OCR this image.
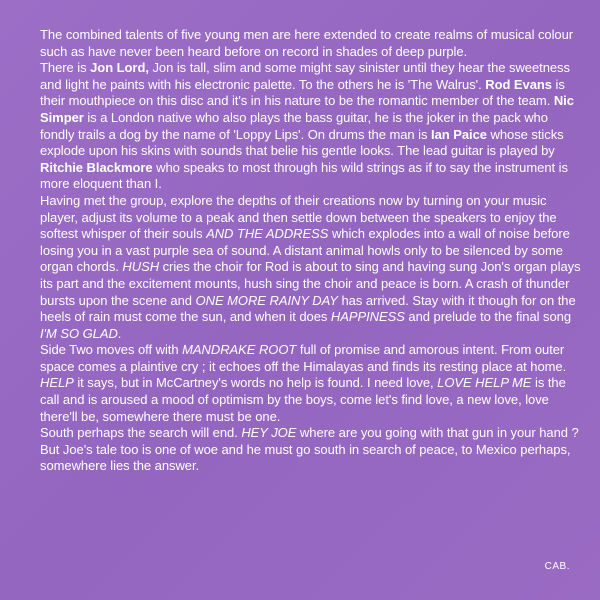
The combined talents of five young men are here extended to create realms of musical colour such as have never been heard before on record in shades of deep purple.

There is Jon Lord, Jon is tall, slim and some might say sinister until they hear the sweetness and light he paints with his electronic palette. To the others he is 'The Walrus'. Rod Evans is their mouthpiece on this disc and it's in his nature to be the romantic member of the team. Nic Simper is a London native who also plays the bass guitar, he is the joker in the pack who fondly trails a dog by the name of 'Loppy Lips'. On drums the man is Ian Paice whose sticks explode upon his skins with sounds that belie his gentle looks. The lead guitar is played by Ritchie Blackmore who speaks to most through his wild strings as if to say the instrument is more eloquent than I.

Having met the group, explore the depths of their creations now by turning on your music player, adjust its volume to a peak and then settle down between the speakers to enjoy the softest whisper of their souls AND THE ADDRESS which explodes into a wall of noise before losing you in a vast purple sea of sound. A distant animal howls only to be silenced by some organ chords. HUSH cries the choir for Rod is about to sing and having sung Jon's organ plays its part and the excitement mounts, hush sing the choir and peace is born. A crash of thunder bursts upon the scene and ONE MORE RAINY DAY has arrived. Stay with it though for on the heels of rain must come the sun, and when it does HAPPINESS and prelude to the final song I'M SO GLAD.

Side Two moves off with MANDRAKE ROOT full of promise and amorous intent. From outer space comes a plaintive cry ; it echoes off the Himalayas and finds its resting place at home. HELP it says, but in McCartney's words no help is found. I need love, LOVE HELP ME is the call and is aroused a mood of optimism by the boys, come let's find love, a new love, love there'll be, somewhere there must be one.

South perhaps the search will end. HEY JOE where are you going with that gun in your hand ? But Joe's tale too is one of woe and he must go south in search of peace, to Mexico perhaps, somewhere lies the answer.

CAB.
